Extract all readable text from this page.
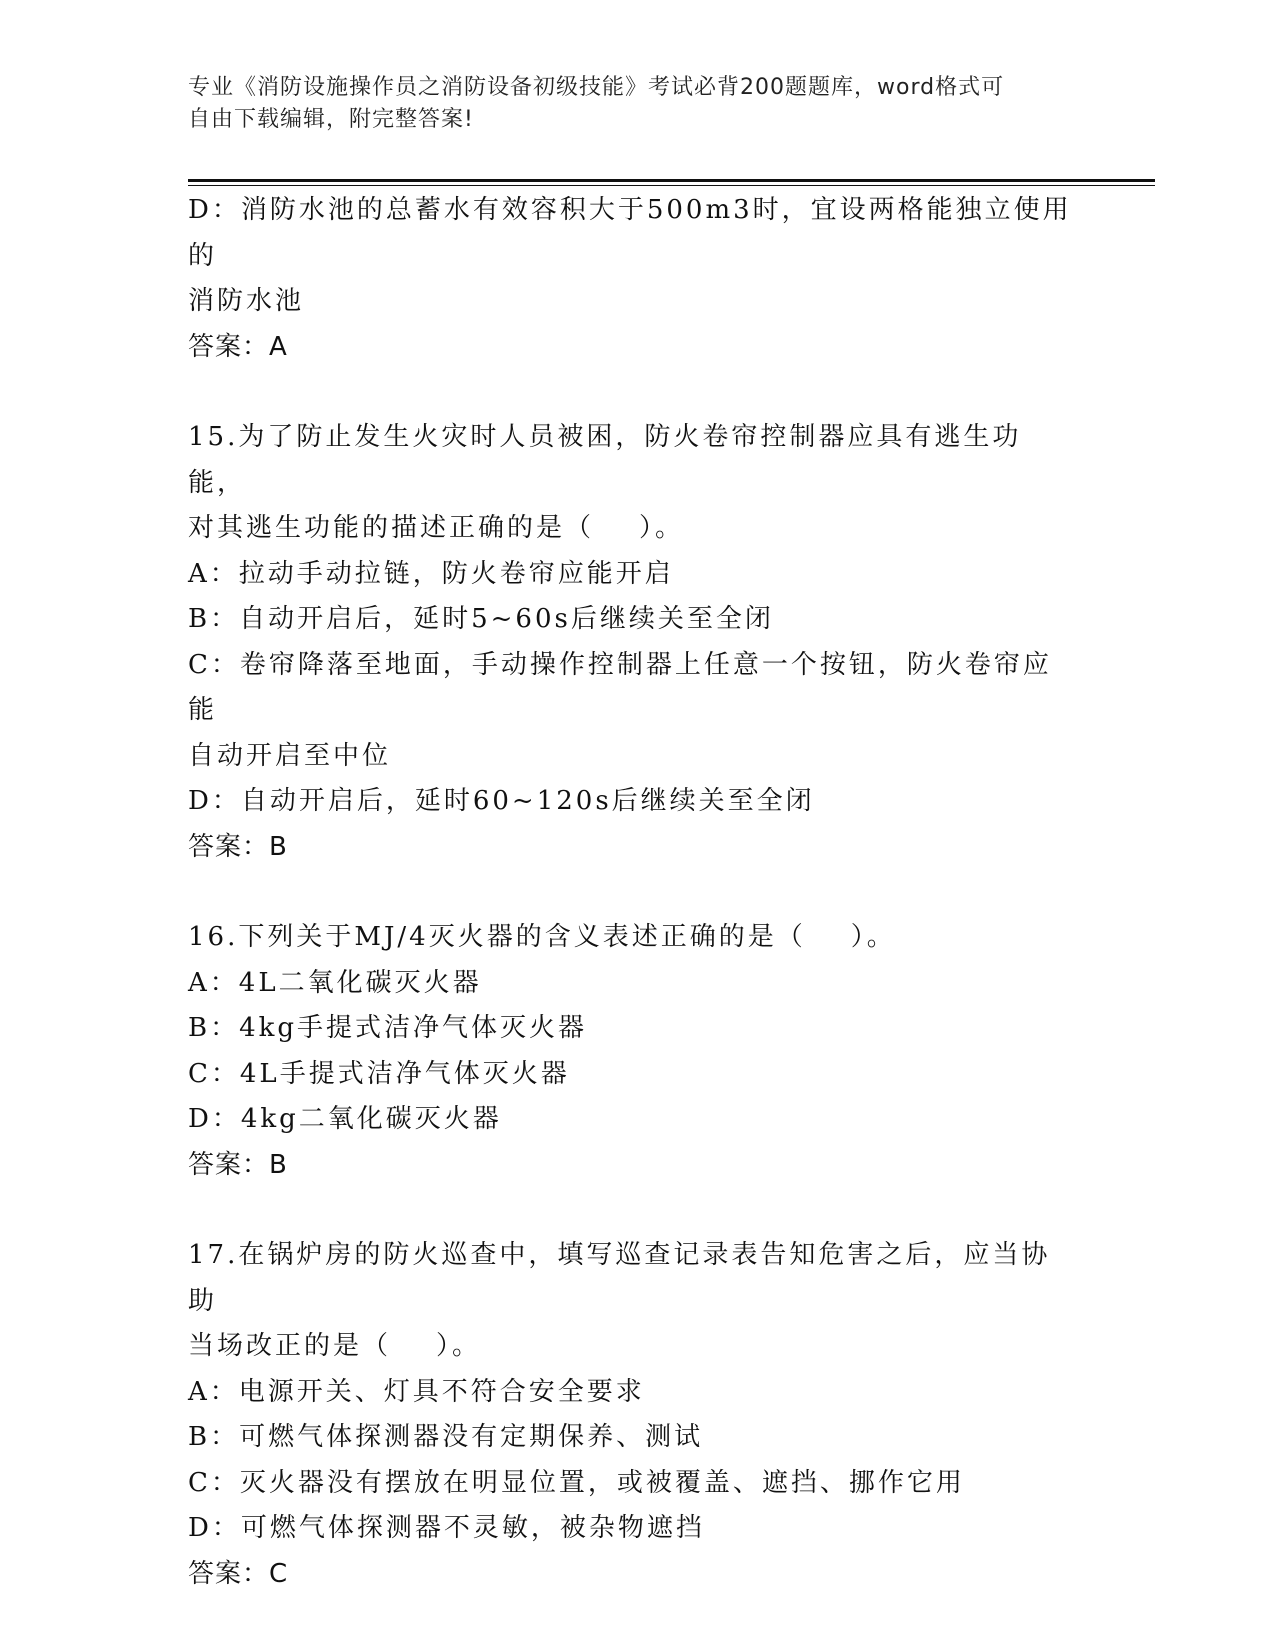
专业《消防设施操作员之消防设备初级技能》考试必背200题题库，word格式可
自由下载编辑，附完整答案!
D：消防水池的总蓄水有效容积大于500m3时，宜设两格能独立使用的
消防水池
答案：A
15.为了防止发生火灾时人员被困，防火卷帘控制器应具有逃生功能，
对其逃生功能的描述正确的是（    ）。
A：拉动手动拉链，防火卷帘应能开启
B：自动开启后，延时5~60s后继续关至全闭
C：卷帘降落至地面，手动操作控制器上任意一个按钮，防火卷帘应能
自动开启至中位
D：自动开启后，延时60~120s后继续关至全闭
答案：B
16.下列关于MJ/4灭火器的含义表述正确的是（    ）。
A：4L二氧化碳灭火器
B：4kg手提式洁净气体灭火器
C：4L手提式洁净气体灭火器
D：4kg二氧化碳灭火器
答案：B
17.在锅炉房的防火巡查中，填写巡查记录表告知危害之后，应当协助
当场改正的是（    ）。
A：电源开关、灯具不符合安全要求
B：可燃气体探测器没有定期保养、测试
C：灭火器没有摆放在明显位置，或被覆盖、遮挡、挪作它用
D：可燃气体探测器不灵敏，被杂物遮挡
答案：C
